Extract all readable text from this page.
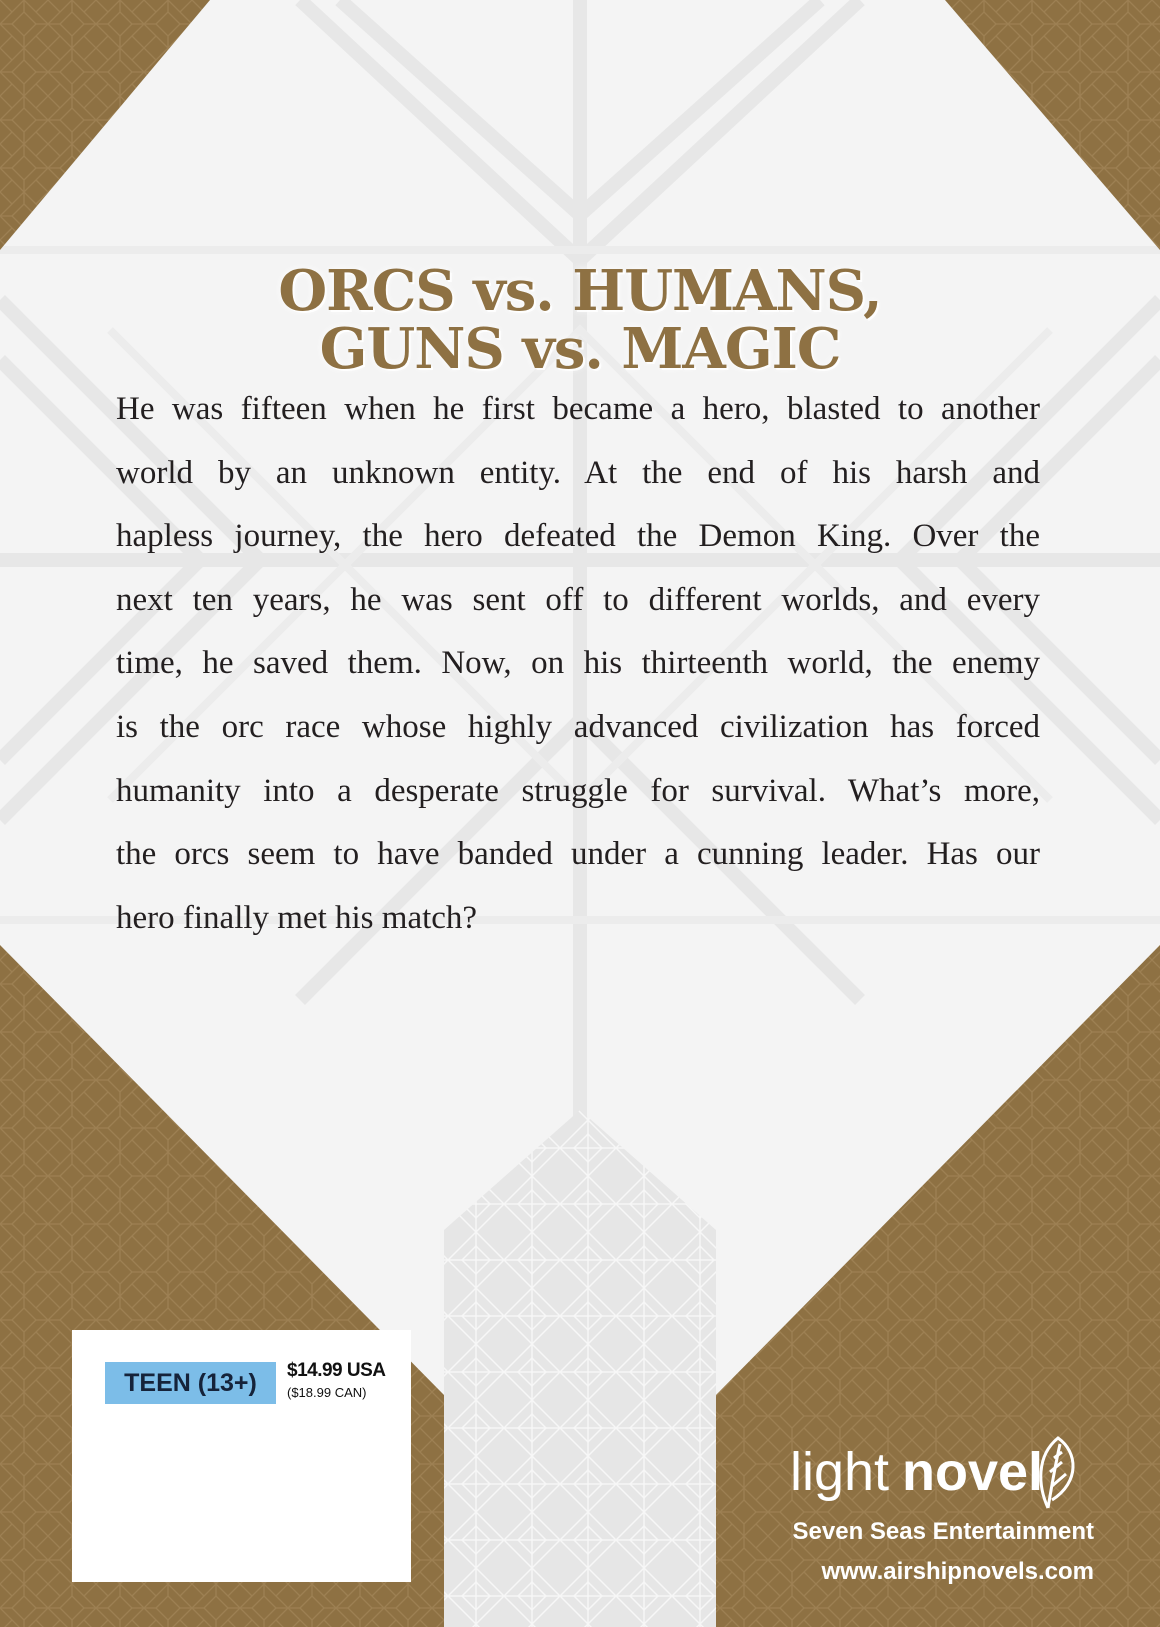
ORCS vs. HUMANS,
GUNS vs. MAGIC
He was fifteen when he first became a hero, blasted to another
world by an unknown entity. At the end of his harsh and
hapless journey, the hero defeated the Demon King. Over the
next ten years, he was sent off to different worlds, and every
time, he saved them. Now, on his thirteenth world, the enemy
is the orc race whose highly advanced civilization has forced
humanity into a desperate struggle for survival. What’s more,
the orcs seem to have banded under a cunning leader. Has our
hero finally met his match?
TEEN (13+)	$14.99 USA
($18.99 CAN)
light novel
Seven Seas Entertainment
www.airshipnovels.com
